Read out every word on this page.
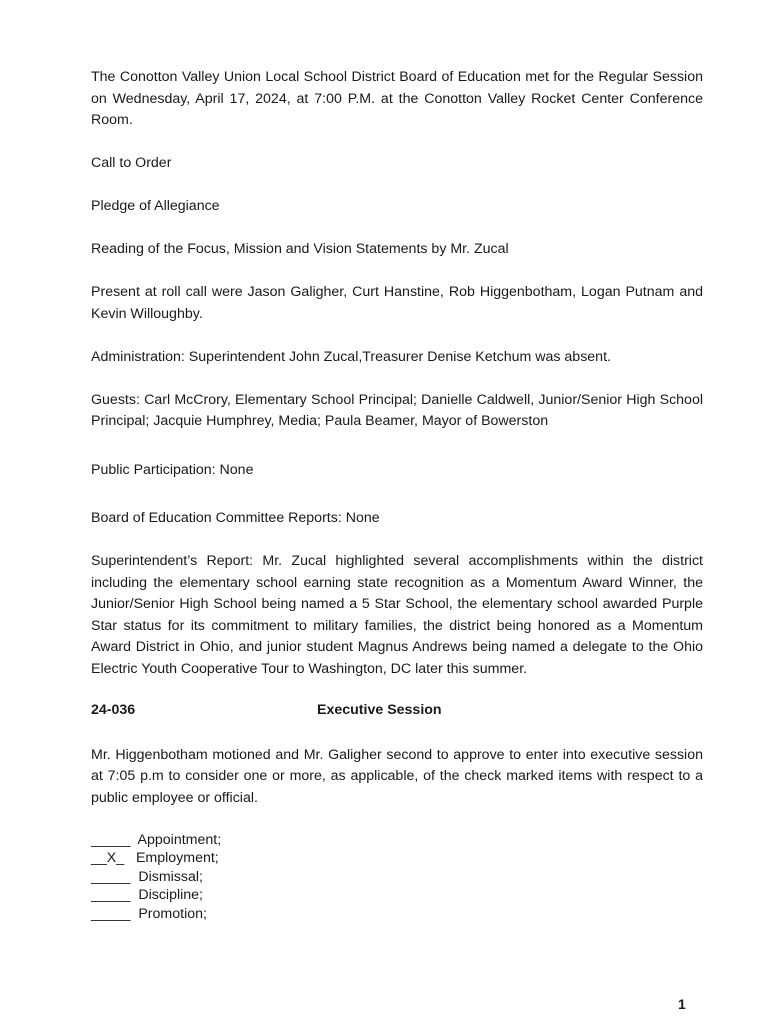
The Conotton Valley Union Local School District Board of Education met for the Regular Session on Wednesday, April 17, 2024, at 7:00 P.M. at the Conotton Valley Rocket Center Conference Room.

Call to Order

Pledge of Allegiance

Reading of the Focus, Mission and Vision Statements by Mr. Zucal

Present at roll call were Jason Galigher, Curt Hanstine, Rob Higgenbotham, Logan Putnam and Kevin Willoughby.

Administration: Superintendent John Zucal,Treasurer Denise Ketchum was absent.

Guests: Carl McCrory, Elementary School Principal; Danielle Caldwell, Junior/Senior High School Principal; Jacquie Humphrey, Media; Paula Beamer, Mayor of Bowerston

Public Participation: None

Board of Education Committee Reports: None

Superintendent’s Report: Mr. Zucal highlighted several accomplishments within the district including the elementary school earning state recognition as a Momentum Award Winner, the Junior/Senior High School being named a 5 Star School, the elementary school awarded Purple Star status for its commitment to military families, the district being honored as a Momentum Award District in Ohio, and junior student Magnus Andrews being named a delegate to the Ohio Electric Youth Cooperative Tour to Washington, DC later this summer.

24-036	Executive Session

Mr. Higgenbotham motioned and Mr. Galigher second to approve to enter into executive session at 7:05 p.m to consider one or more, as applicable, of the check marked items with respect to a public employee or official.

_____  Appointment;
__X_   Employment;
_____  Dismissal;
_____  Discipline;
_____  Promotion;
1
